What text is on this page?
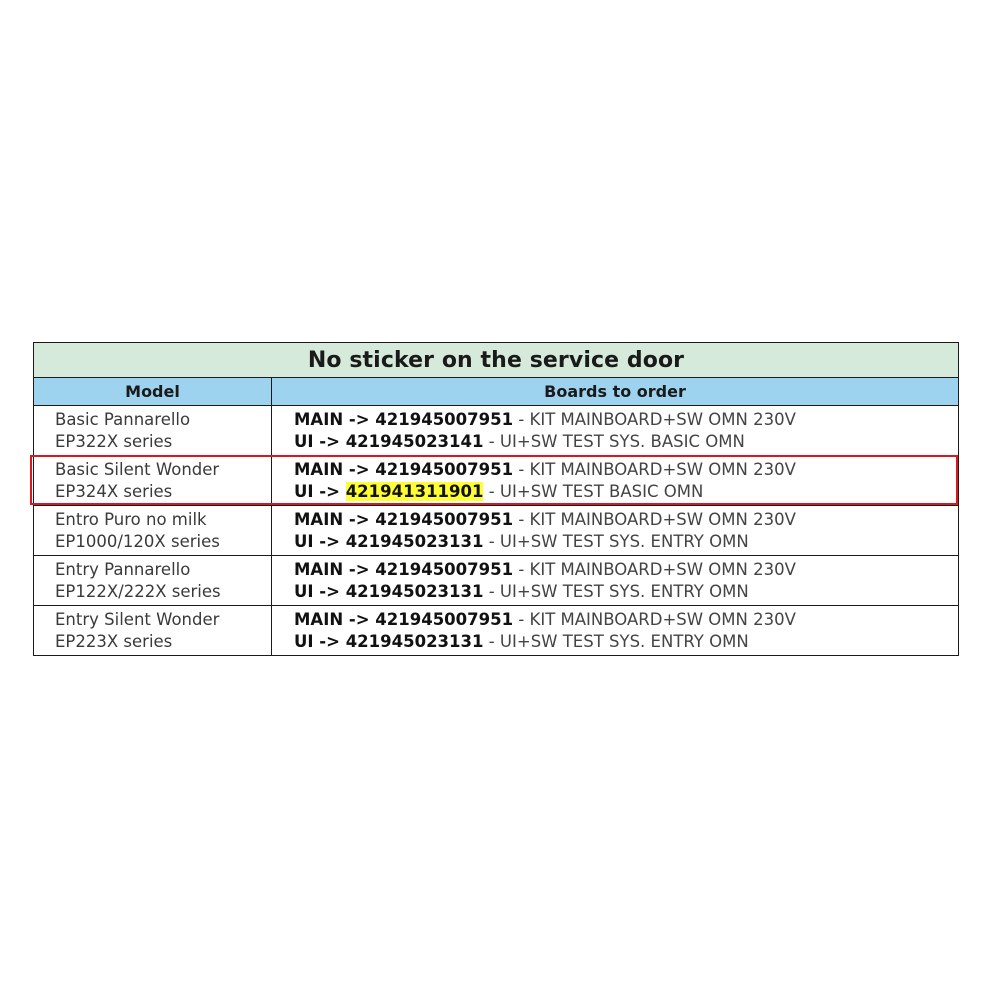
No sticker on the service door	
Model	Boards to order

Basic Pannarello
EP322X series	MAIN -> 421945007951 - KIT MAINBOARD+SW OMN 230V
UI -> 421945023141 - UI+SW TEST SYS. BASIC OMN

Basic Silent Wonder
EP324X series	MAIN -> 421945007951 - KIT MAINBOARD+SW OMN 230V
UI -> 421941311901 - UI+SW TEST BASIC OMN

Entro Puro no milk
EP1000/120X series	MAIN -> 421945007951 - KIT MAINBOARD+SW OMN 230V
UI -> 421945023131 - UI+SW TEST SYS. ENTRY OMN

Entry Pannarello
EP122X/222X series	MAIN -> 421945007951 - KIT MAINBOARD+SW OMN 230V
UI -> 421945023131 - UI+SW TEST SYS. ENTRY OMN

Entry Silent Wonder
EP223X series	MAIN -> 421945007951 - KIT MAINBOARD+SW OMN 230V
UI -> 421945023131 - UI+SW TEST SYS. ENTRY OMN
